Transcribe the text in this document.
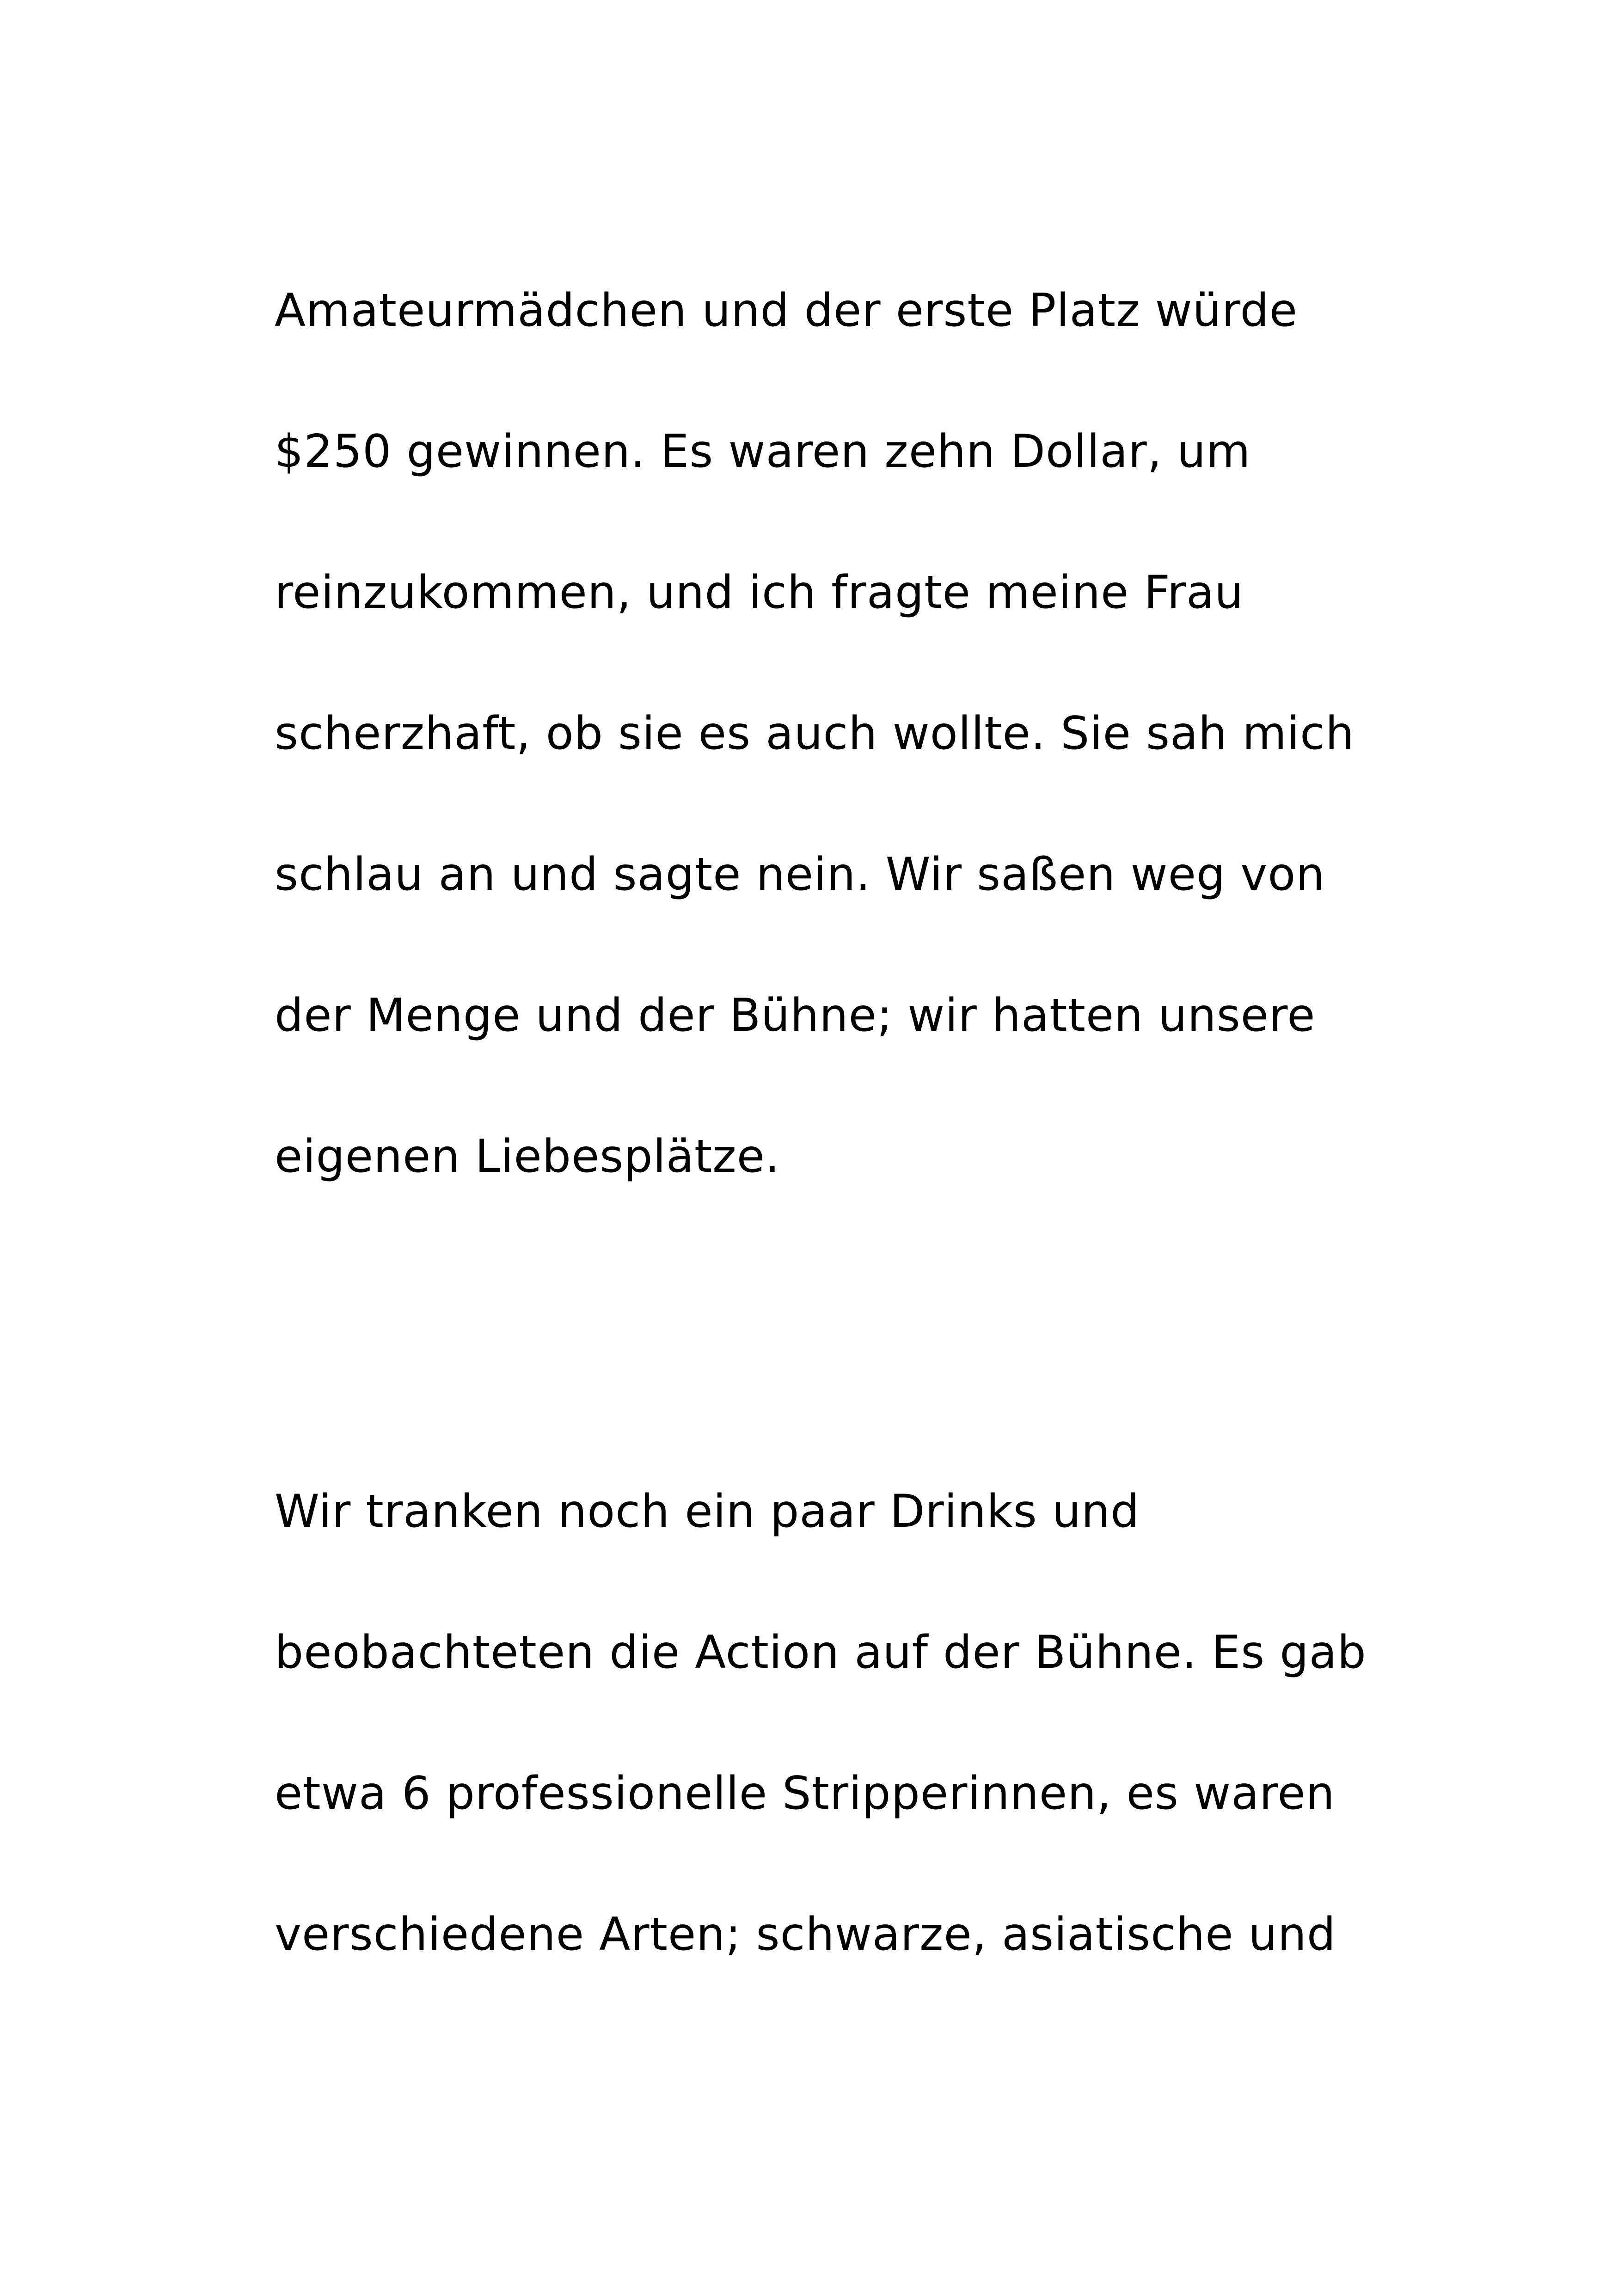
Amateurmädchen und der erste Platz würde
$250 gewinnen. Es waren zehn Dollar, um
reinzukommen, und ich fragte meine Frau
scherzhaft, ob sie es auch wollte. Sie sah mich
schlau an und sagte nein. Wir saßen weg von
der Menge und der Bühne; wir hatten unsere
eigenen Liebesplätze.
Wir tranken noch ein paar Drinks und
beobachteten die Action auf der Bühne. Es gab
etwa 6 professionelle Stripperinnen, es waren
verschiedene Arten; schwarze, asiatische und
